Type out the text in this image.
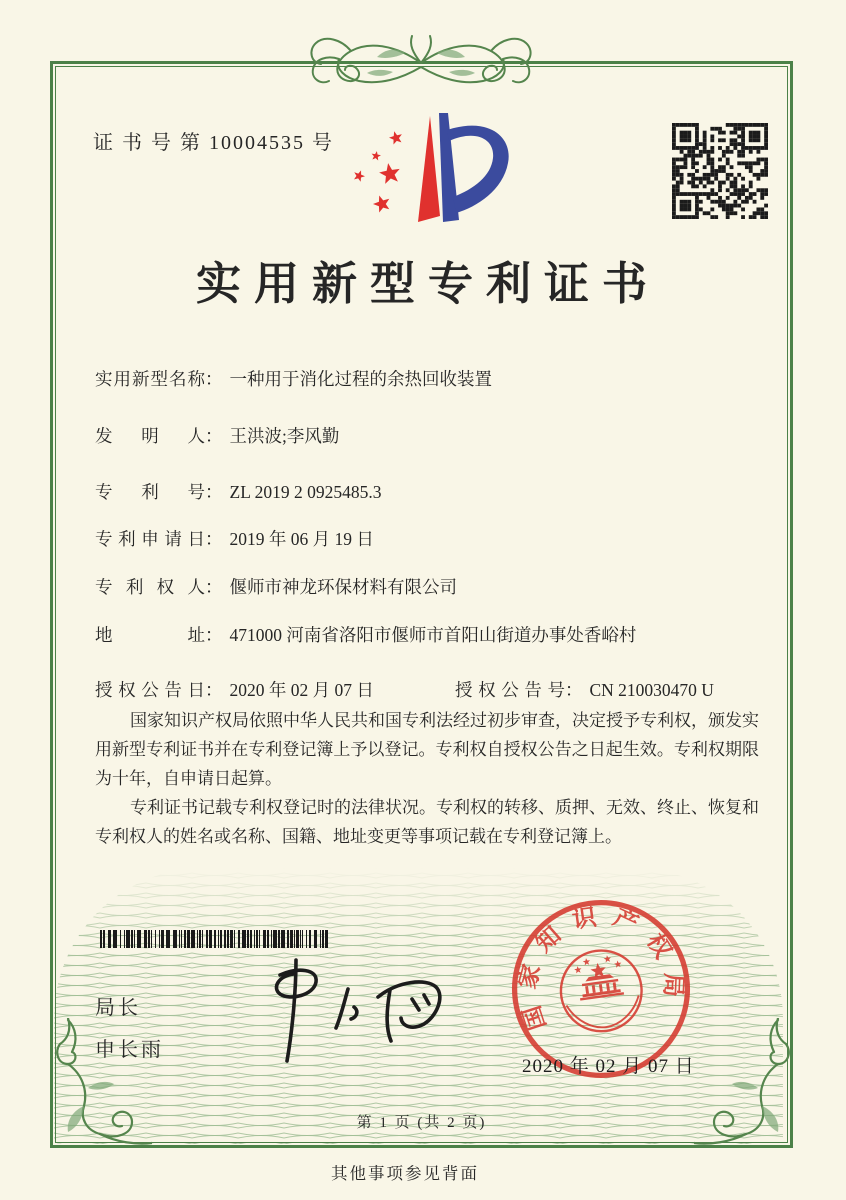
证 书 号 第 10004535 号
实用新型专利证书
实用新型名称： 一种用于消化过程的余热回收装置
发明人： 王洪波;李风勤
专利号： ZL 2019 2 0925485.3
专利申请日： 2019 年 06 月 19 日
专利权人： 偃师市神龙环保材料有限公司
地址： 471000 河南省洛阳市偃师市首阳山街道办事处香峪村
授权公告日： 2020 年 02 月 07 日	授权公告号： CN 210030470 U

国家知识产权局依照中华人民共和国专利法经过初步审查，决定授予专利权，颁发实用新型专利证书并在专利登记簿上予以登记。专利权自授权公告之日起生效。专利权期限为十年，自申请日起算。

专利证书记载专利权登记时的法律状况。专利权的转移、质押、无效、终止、恢复和专利权人的姓名或名称、国籍、地址变更等事项记载在专利登记簿上。

局长
申长雨
国家知识产权局
2020 年 02 月 07 日
第 1 页 (共 2 页)
其他事项参见背面
